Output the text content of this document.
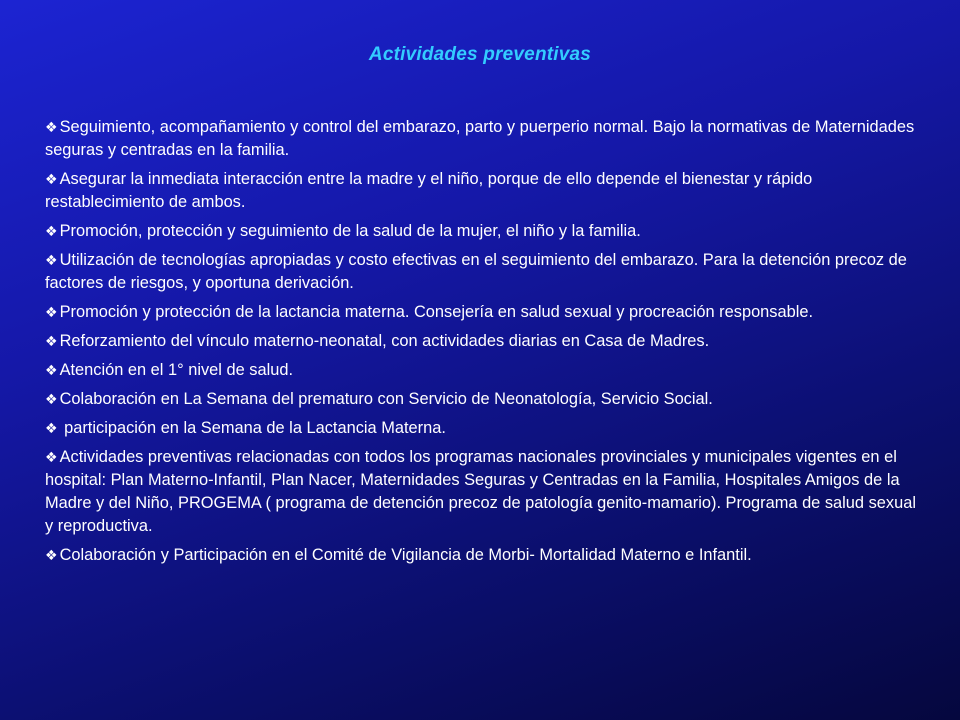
Actividades preventivas
❖ Seguimiento, acompañamiento y control del embarazo, parto y puerperio normal. Bajo la normativas de Maternidades seguras y centradas en la familia.
❖ Asegurar la inmediata interacción entre la madre y el niño, porque de ello depende el bienestar y rápido restablecimiento de ambos.
❖ Promoción, protección y seguimiento de la salud de la mujer, el niño y la familia.
❖ Utilización de tecnologías apropiadas y costo efectivas en el seguimiento del embarazo. Para la detención precoz de factores de riesgos, y oportuna derivación.
❖ Promoción y protección de la lactancia materna. Consejería en salud sexual y procreación responsable.
❖ Reforzamiento del vínculo materno-neonatal, con actividades diarias en Casa de Madres.
❖ Atención en el 1° nivel de salud.
❖ Colaboración en La Semana del prematuro con Servicio de Neonatología, Servicio Social.
❖ participación en la Semana de la Lactancia Materna.
❖ Actividades preventivas relacionadas con todos los programas nacionales provinciales y municipales vigentes en el hospital: Plan Materno-Infantil, Plan Nacer, Maternidades Seguras y Centradas en la Familia, Hospitales Amigos de la Madre y del Niño, PROGEMA ( programa de detención precoz de patología genito-mamario). Programa de salud sexual y reproductiva.
❖ Colaboración y Participación en el Comité de Vigilancia de Morbi- Mortalidad Materno e Infantil.
